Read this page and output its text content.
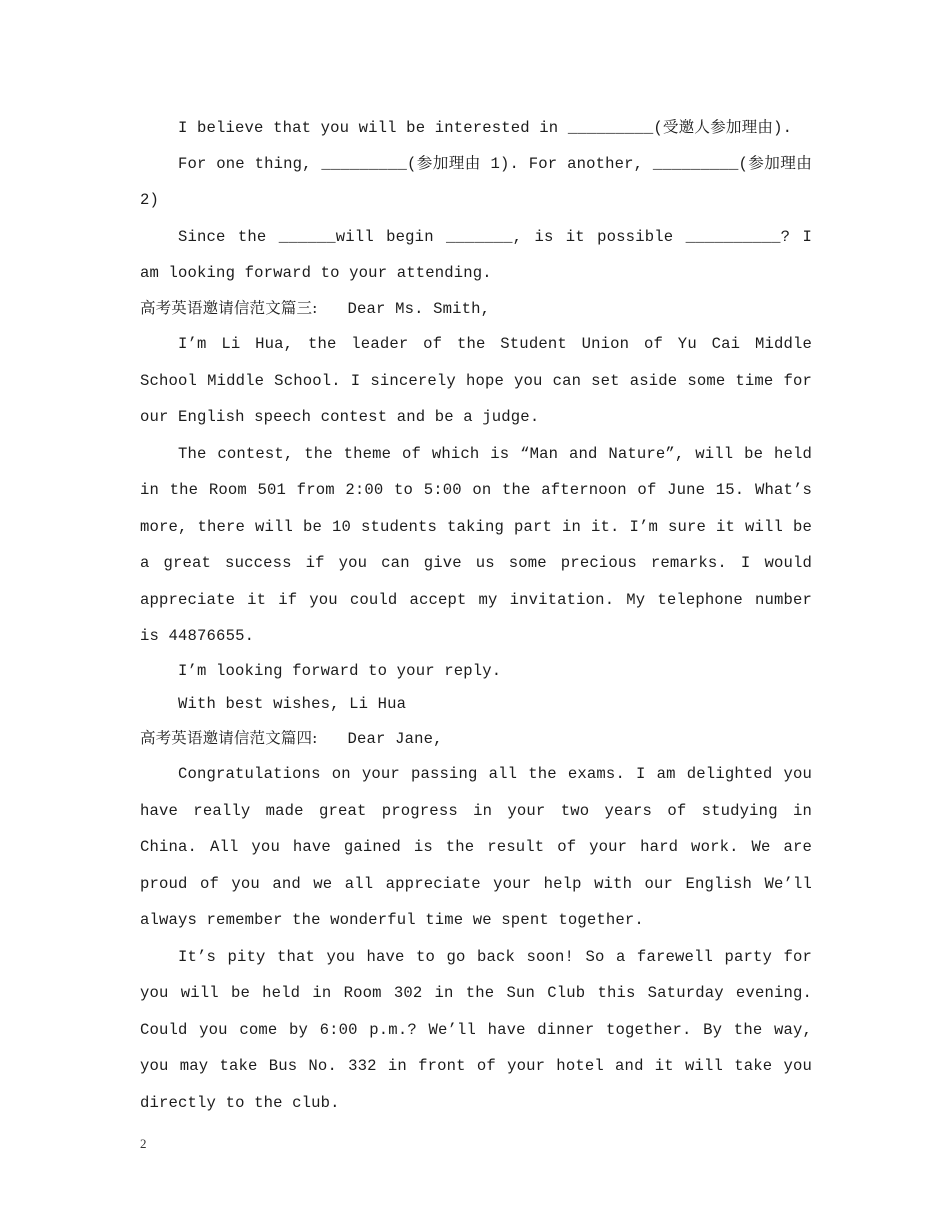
I believe that you will be interested in _________(受邀人参加理由).

For one thing, _________(参加理由 1). For another, _________(参加理由 2)

Since the ______will begin _______, is it possible __________? I am looking forward to your attending.

高考英语邀请信范文篇三: Dear Ms. Smith,

I’m Li Hua, the leader of the Student Union of Yu Cai Middle School Middle School. I sincerely hope you can set aside some time for our English speech contest and be a judge.

The contest, the theme of which is “Man and Nature”, will be held in the Room 501 from 2:00 to 5:00 on the afternoon of June 15. What’s more, there will be 10 students taking part in it. I’m sure it will be a great success if you can give us some precious remarks. I would appreciate it if you could accept my invitation. My telephone number is 44876655.

I’m looking forward to your reply.

With best wishes, Li Hua

高考英语邀请信范文篇四: Dear Jane,

Congratulations on your passing all the exams. I am delighted you have really made great progress in your two years of studying in China. All you have gained is the result of your hard work. We are proud of you and we all appreciate your help with our English We’ll always remember the wonderful time we spent together.

It’s pity that you have to go back soon! So a farewell party for you will be held in Room 302 in the Sun Club this Saturday evening. Could you come by 6:00 p.m.? We’ll have dinner together. By the way, you may take Bus No. 332 in front of your hotel and it will take you directly to the club.

2
